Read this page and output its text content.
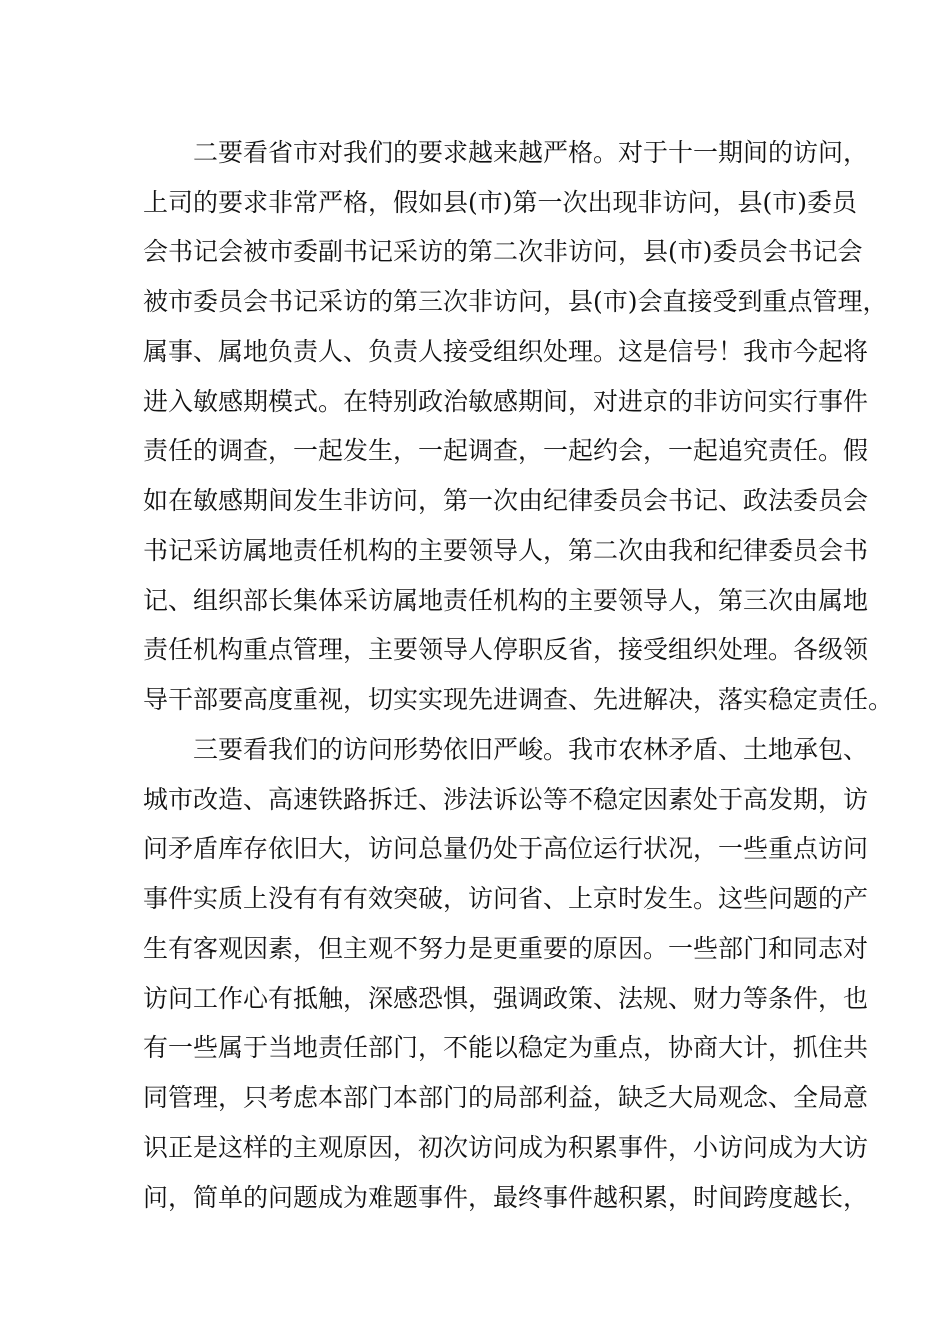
二要看省市对我们的要求越来越严格。对于十一期间的访问，

上司的要求非常严格，假如县(市)第一次出现非访问，县(市)委员

会书记会被市委副书记采访的第二次非访问，县(市)委员会书记会

被市委员会书记采访的第三次非访问，县(市)会直接受到重点管理，

属事、属地负责人、负责人接受组织处理。这是信号！我市今起将

进入敏感期模式。在特别政治敏感期间，对进京的非访问实行事件

责任的调查，一起发生，一起调查，一起约会，一起追究责任。假

如在敏感期间发生非访问，第一次由纪律委员会书记、政法委员会

书记采访属地责任机构的主要领导人，第二次由我和纪律委员会书

记、组织部长集体采访属地责任机构的主要领导人，第三次由属地

责任机构重点管理，主要领导人停职反省，接受组织处理。各级领

导干部要高度重视，切实实现先进调查、先进解决，落实稳定责任。

三要看我们的访问形势依旧严峻。我市农林矛盾、土地承包、

城市改造、高速铁路拆迁、涉法诉讼等不稳定因素处于高发期，访

问矛盾库存依旧大，访问总量仍处于高位运行状况，一些重点访问

事件实质上没有有有效突破，访问省、上京时发生。这些问题的产

生有客观因素，但主观不努力是更重要的原因。一些部门和同志对

访问工作心有抵触，深感恐惧，强调政策、法规、财力等条件，也

有一些属于当地责任部门，不能以稳定为重点，协商大计，抓住共

同管理，只考虑本部门本部门的局部利益，缺乏大局观念、全局意

识正是这样的主观原因，初次访问成为积累事件，小访问成为大访

问，简单的问题成为难题事件，最终事件越积累，时间跨度越长，
